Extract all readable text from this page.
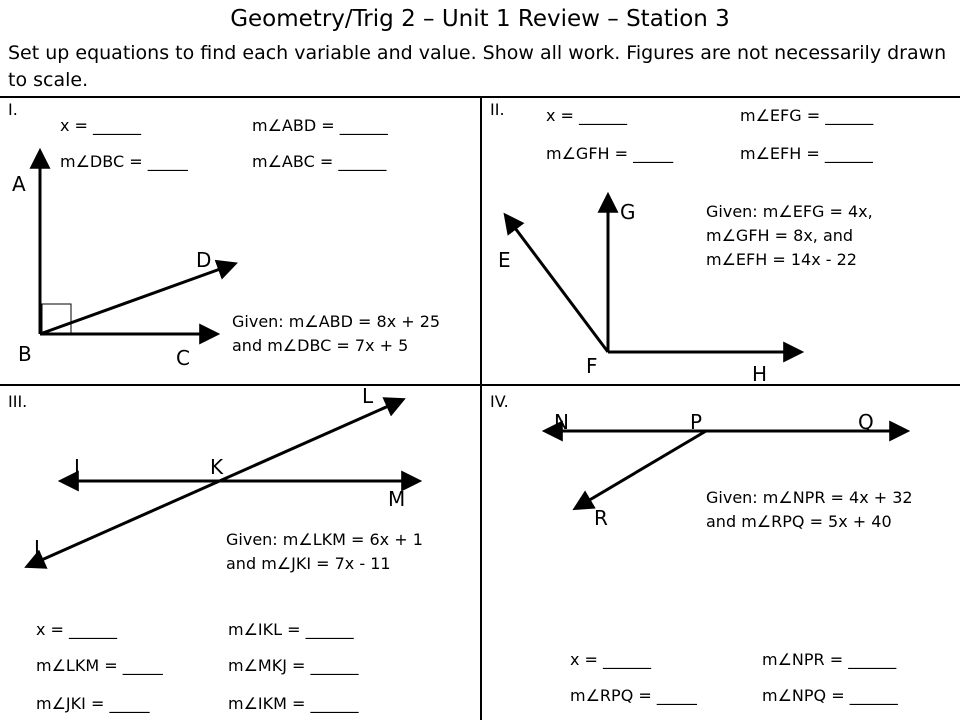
Geometry/Trig 2 – Unit 1 Review – Station 3
Set up equations to find each variable and value. Show all work. Figures are not necessarily drawn to scale.
I.
x = ______	m∠ABD = ______
m∠DBC = _____	m∠ABC = ______
A
D
B	C
Given: m∠ABD = 8x + 25
and m∠DBC = 7x + 5
II.	x = ______	m∠EFG = ______
m∠GFH = _____	m∠EFH = ______
G
E
F	H
Given: m∠EFG = 4x,
m∠GFH = 8x, and
m∠EFH = 14x - 22
III.	L
I	K
M
J	Given: m∠LKM = 6x + 1
and m∠JKI = 7x - 11
x = ______	m∠IKL = ______
m∠LKM = _____	m∠MKJ = ______
m∠JKI = _____	m∠IKM = ______
IV.
N	P	Q
R
Given: m∠NPR = 4x + 32
and m∠RPQ = 5x + 40
x = ______	m∠NPR = ______
m∠RPQ = _____	m∠NPQ = ______
